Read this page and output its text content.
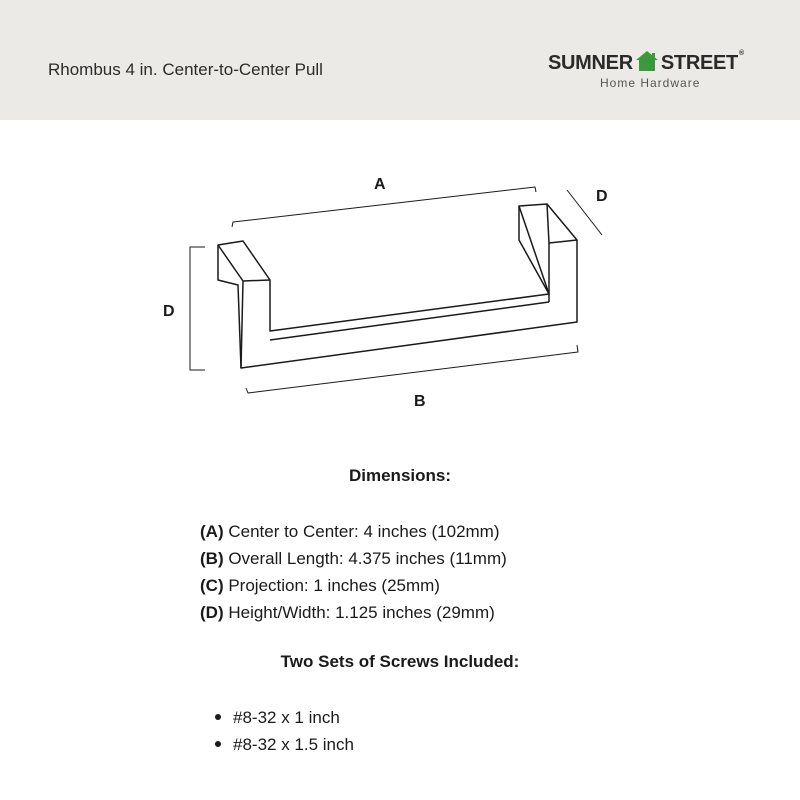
Rhombus 4 in. Center-to-Center Pull	SUMNER STREET®
Home Hardware
A
D
D
B
Dimensions:
(A) Center to Center: 4 inches (102mm)
(B) Overall Length: 4.375 inches (11mm)
(C) Projection: 1 inches (25mm)
(D) Height/Width: 1.125 inches (29mm)
Two Sets of Screws Included:
#8-32 x 1 inch
#8-32 x 1.5 inch
